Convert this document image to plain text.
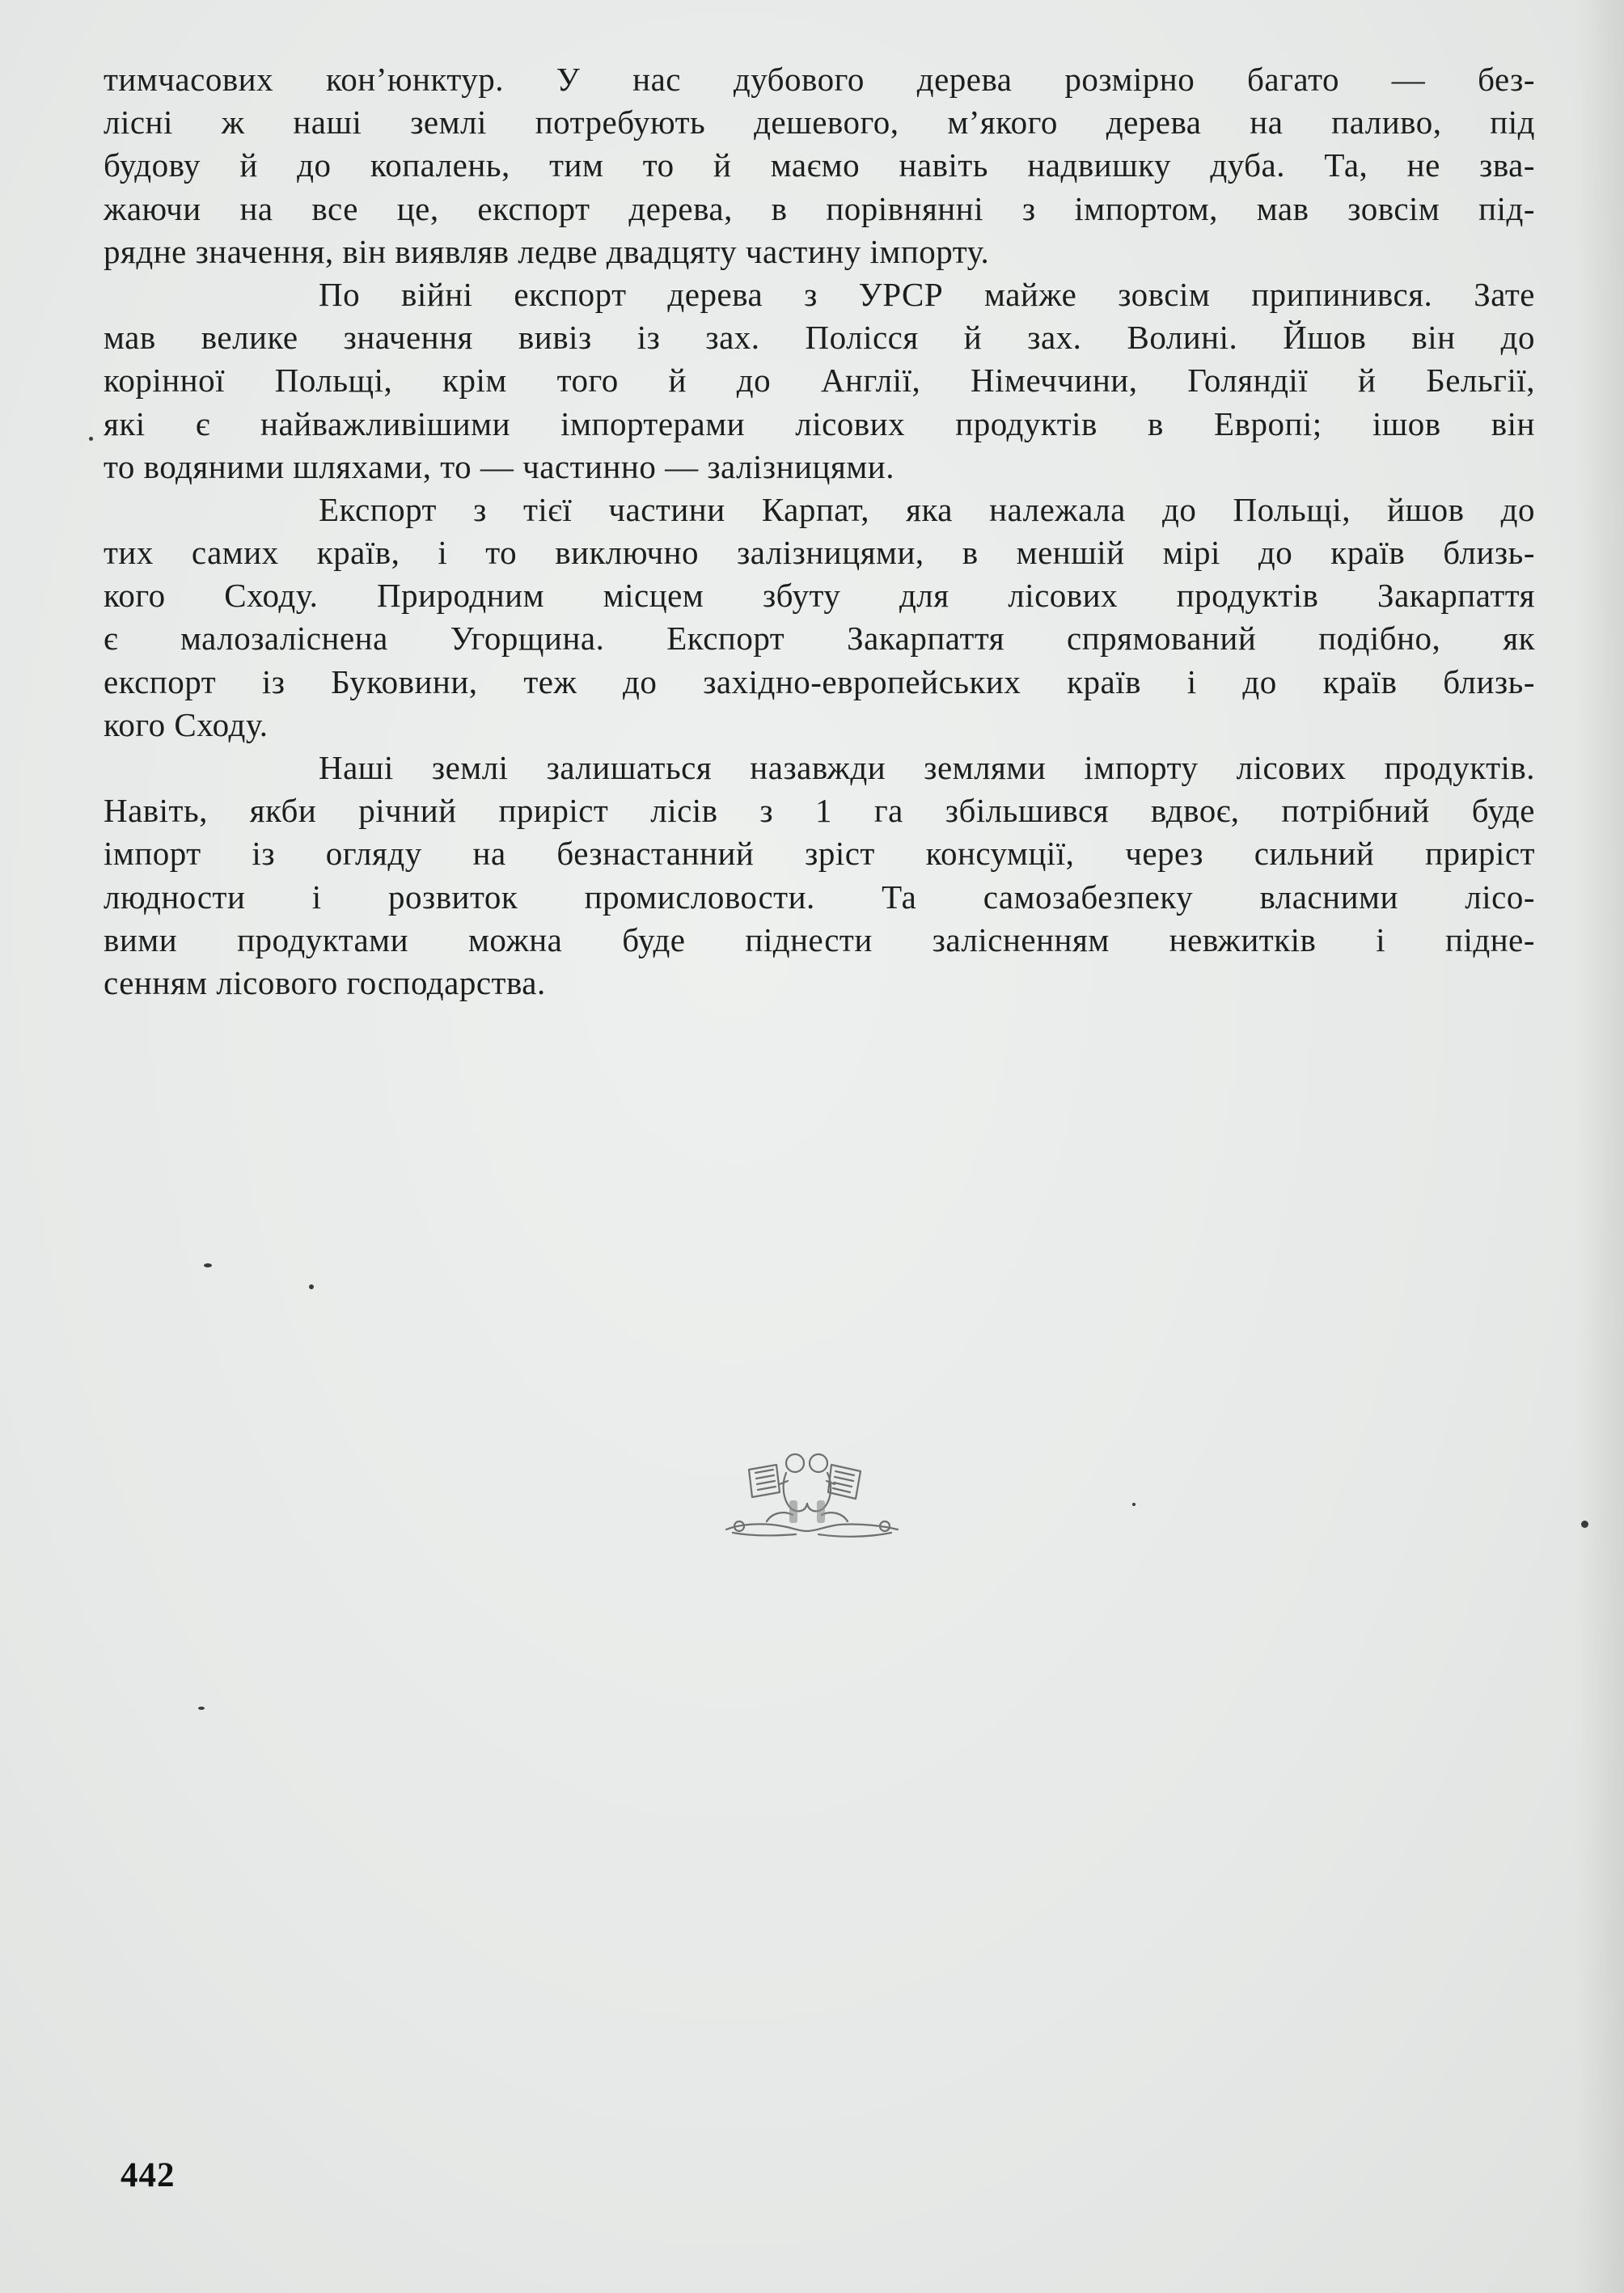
тимчасових кон’юнктур. У нас дубового дерева розмірно багато — без-
лісні ж наші землі потребують дешевого, м’якого дерева на паливо, під
будову й до копалень, тим то й маємо навіть надвишку дуба. Та, не зва-
жаючи на все це, експорт дерева, в порівнянні з імпортом, мав зовсім під-
рядне значення, він виявляв ледве двадцяту частину імпорту.
По війні експорт дерева з УРСР майже зовсім припинився. Зате
мав велике значення вивіз із зах. Полісся й зах. Волині. Йшов він до
корінної Польщі, крім того й до Англії, Німеччини, Голяндії й Бельгії,
які є найважливішими імпортерами лісових продуктів в Европі; ішов він
то водяними шляхами, то — частинно — залізницями.
Експорт з тієї частини Карпат, яка належала до Польщі, йшов до
тих самих країв, і то виключно залізницями, в меншій мірі до країв близь-
кого Сходу. Природним місцем збуту для лісових продуктів Закарпаття
є малозаліснена Угорщина. Експорт Закарпаття спрямований подібно, як
експорт із Буковини, теж до західно-европейських країв і до країв близь-
кого Сходу.
Наші землі залишаться назавжди землями імпорту лісових продуктів.
Навіть, якби річний приріст лісів з 1 га збільшився вдвоє, потрібний буде
імпорт із огляду на безнастанний зріст консумції, через сильний приріст
людности і розвиток промисловости. Та самозабезпеку власними лісо-
вими продуктами можна буде піднести залісненням невжитків і підне-
сенням лісового господарства.
442
